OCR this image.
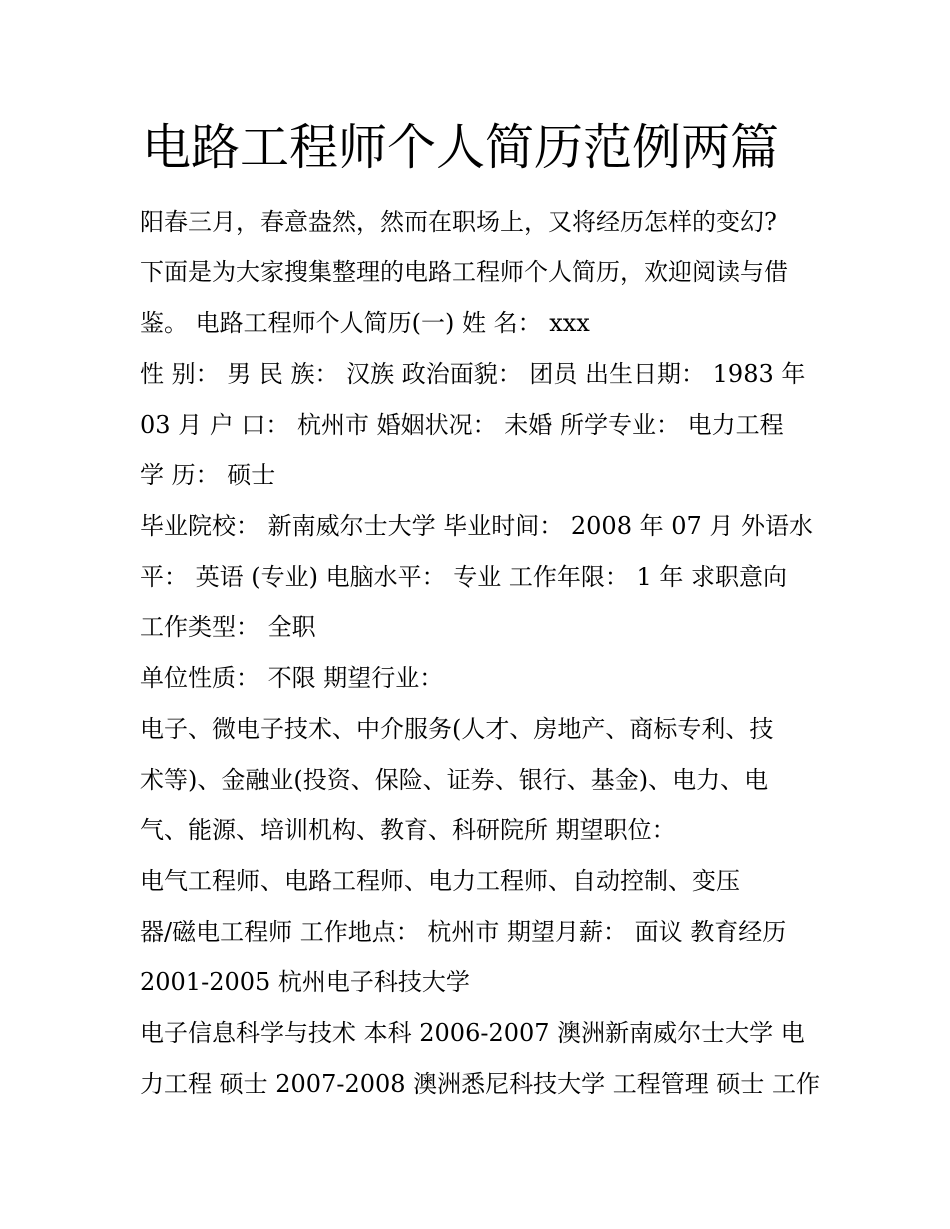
电路工程师个人简历范例两篇
阳春三月，春意盎然，然而在职场上，又将经历怎样的变幻?
下面是为大家搜集整理的电路工程师个人简历，欢迎阅读与借
鉴。 电路工程师个人简历(一) 姓 名： xxx
性 别： 男 民 族： 汉族 政治面貌： 团员 出生日期： 1983 年
03 月 户 口： 杭州市 婚姻状况： 未婚 所学专业： 电力工程
学 历： 硕士
毕业院校： 新南威尔士大学 毕业时间： 2008 年 07 月 外语水
平： 英语 (专业) 电脑水平： 专业 工作年限： 1 年 求职意向
工作类型： 全职
单位性质： 不限 期望行业：
电子、微电子技术、中介服务(人才、房地产、商标专利、技
术等)、金融业(投资、保险、证券、银行、基金)、电力、电
气、能源、培训机构、教育、科研院所 期望职位：
电气工程师、电路工程师、电力工程师、自动控制、变压
器/磁电工程师 工作地点： 杭州市 期望月薪： 面议 教育经历
2001-2005 杭州电子科技大学
电子信息科学与技术 本科 2006-2007 澳洲新南威尔士大学 电
力工程 硕士 2007-2008 澳洲悉尼科技大学 工程管理 硕士 工作
